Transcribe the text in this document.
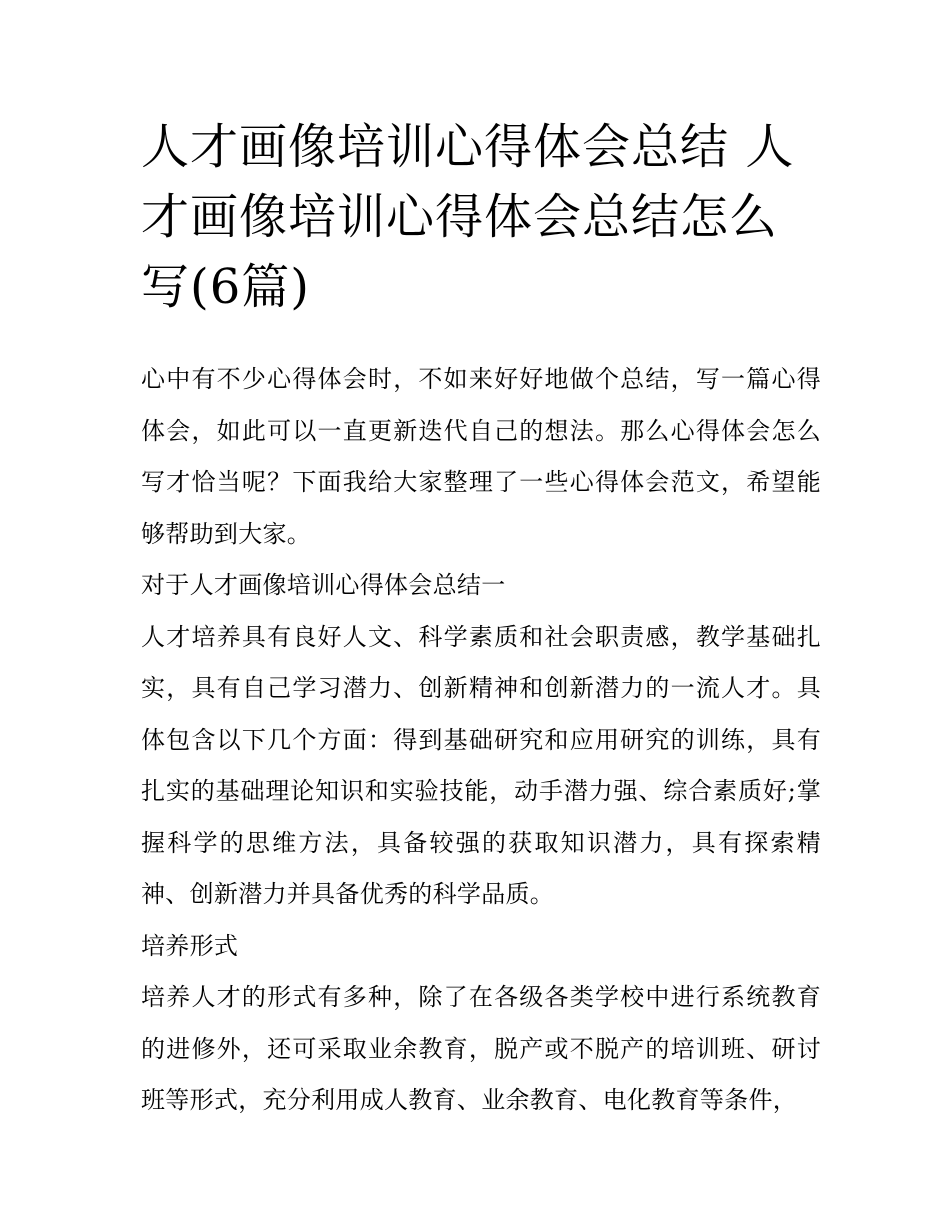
人才画像培训心得体会总结 人才画像培训心得体会总结怎么写(6篇)

心中有不少心得体会时，不如来好好地做个总结，写一篇心得体会，如此可以一直更新迭代自己的想法。那么心得体会怎么写才恰当呢？下面我给大家整理了一些心得体会范文，希望能够帮助到大家。

对于人才画像培训心得体会总结一

人才培养具有良好人文、科学素质和社会职责感，教学基础扎实，具有自己学习潜力、创新精神和创新潜力的一流人才。具体包含以下几个方面：得到基础研究和应用研究的训练，具有扎实的基础理论知识和实验技能，动手潜力强、综合素质好;掌握科学的思维方法，具备较强的获取知识潜力，具有探索精神、创新潜力并具备优秀的科学品质。

培养形式

培养人才的形式有多种，除了在各级各类学校中进行系统教育的进修外，还可采取业余教育，脱产或不脱产的培训班、研讨班等形式，充分利用成人教育、业余教育、电化教育等条件，
